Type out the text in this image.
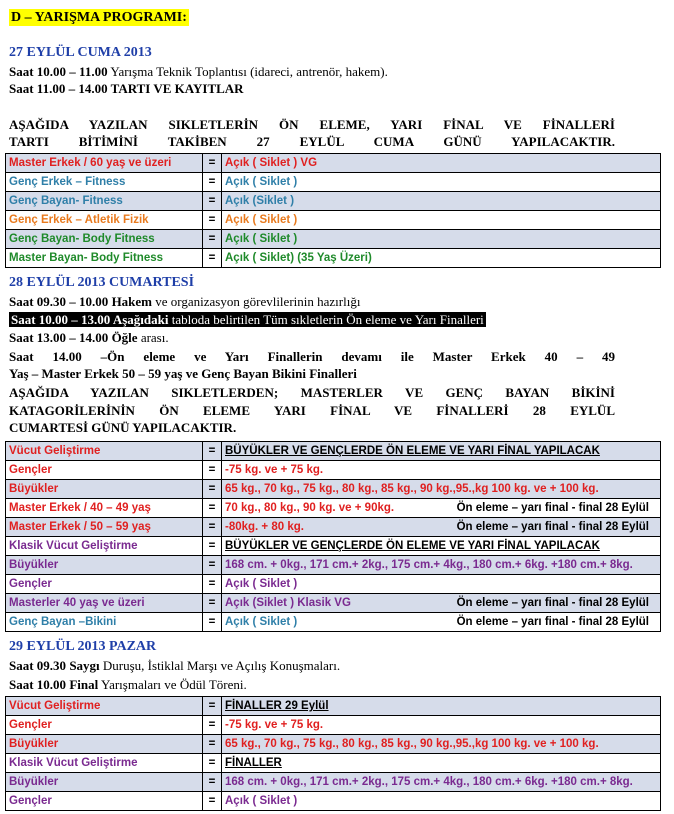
D – YARIŞMA PROGRAMI:
27 EYLÜL CUMA 2013
Saat 10.00 – 11.00 Yarışma Teknik Toplantısı (idareci, antrenör, hakem).
Saat 11.00 – 14.00 TARTI VE KAYITLAR
AŞAĞIDA YAZILAN SIKLETLERİN ÖN ELEME, YARI FİNAL VE FİNALLERİ
TARTI BİTİMİNİ TAKİBEN 27 EYLÜL CUMA GÜNÜ YAPILACAKTIR.
Master Erkek / 60 yaş ve üzeri	=	Açık ( Siklet ) VG

Genç Erkek – Fitness	=	Açık ( Siklet )

Genç Bayan- Fitness	=	Açık (Siklet )

Genç Erkek – Atletik Fizik	=	Açık ( Siklet )

Genç Bayan- Body Fitness	=	Açık ( Siklet )

Master Bayan- Body Fitness	=	Açık ( Siklet) (35 Yaş Üzeri)
28 EYLÜL 2013 CUMARTESİ
Saat 09.30 – 10.00 Hakem ve organizasyon görevlilerinin hazırlığı
Saat 10.00 – 13.00 Aşağıdaki tabloda belirtilen Tüm sıkletlerin Ön eleme ve Yarı Finalleri
Saat 13.00 – 14.00 Öğle arası.
Saat 14.00 –Ön eleme ve Yarı Finallerin devamı ile Master Erkek 40 – 49
Yaş – Master Erkek 50 – 59 yaş ve Genç Bayan Bikini Finalleri
AŞAĞIDA YAZILAN SIKLETLERDEN; MASTERLER VE GENÇ BAYAN BİKİNİ
KATAGORİLERİNİN ÖN ELEME YARI FİNAL VE FİNALLERİ 28 EYLÜL
CUMARTESİ GÜNÜ YAPILACAKTIR.
Vücut Geliştirme	=	BÜYÜKLER VE GENÇLERDE ÖN ELEME VE YARI FİNAL YAPILACAK

Gençler	=	-75 kg. ve + 75 kg.

Büyükler	=	65 kg., 70 kg., 75 kg., 80 kg., 85 kg., 90 kg.,95.,kg 100 kg. ve + 100 kg.

Master Erkek / 40 – 49 yaş	=	70 kg., 80 kg., 90 kg. ve + 90kg. Ön eleme – yarı final - final 28 Eylül

Master Erkek / 50 – 59 yaş	=	-80kg. + 80 kg. Ön eleme – yarı final - final 28 Eylül

Klasik Vücut Geliştirme	=	BÜYÜKLER VE GENÇLERDE ÖN ELEME VE YARI FİNAL YAPILACAK

Büyükler	=	168 cm. + 0kg., 171 cm.+ 2kg., 175 cm.+ 4kg., 180 cm.+ 6kg. +180 cm.+ 8kg.

Gençler	=	Açık ( Siklet )

Masterler 40 yaş ve üzeri	=	Açık (Siklet ) Klasik VG Ön eleme – yarı final - final 28 Eylül

Genç Bayan –Bikini	=	Açık ( Siklet ) Ön eleme – yarı final - final 28 Eylül
29 EYLÜL 2013 PAZAR
Saat 09.30 Saygı Duruşu, İstiklal Marşı ve Açılış Konuşmaları.
Saat 10.00 Final Yarışmaları ve Ödül Töreni.
Vücut Geliştirme	=	FİNALLER 29 Eylül

Gençler	=	-75 kg. ve + 75 kg.

Büyükler	=	65 kg., 70 kg., 75 kg., 80 kg., 85 kg., 90 kg.,95.,kg 100 kg. ve + 100 kg.

Klasik Vücut Geliştirme	=	FİNALLER

Büyükler	=	168 cm. + 0kg., 171 cm.+ 2kg., 175 cm.+ 4kg., 180 cm.+ 6kg. +180 cm.+ 8kg.

Gençler	=	Açık ( Siklet )
